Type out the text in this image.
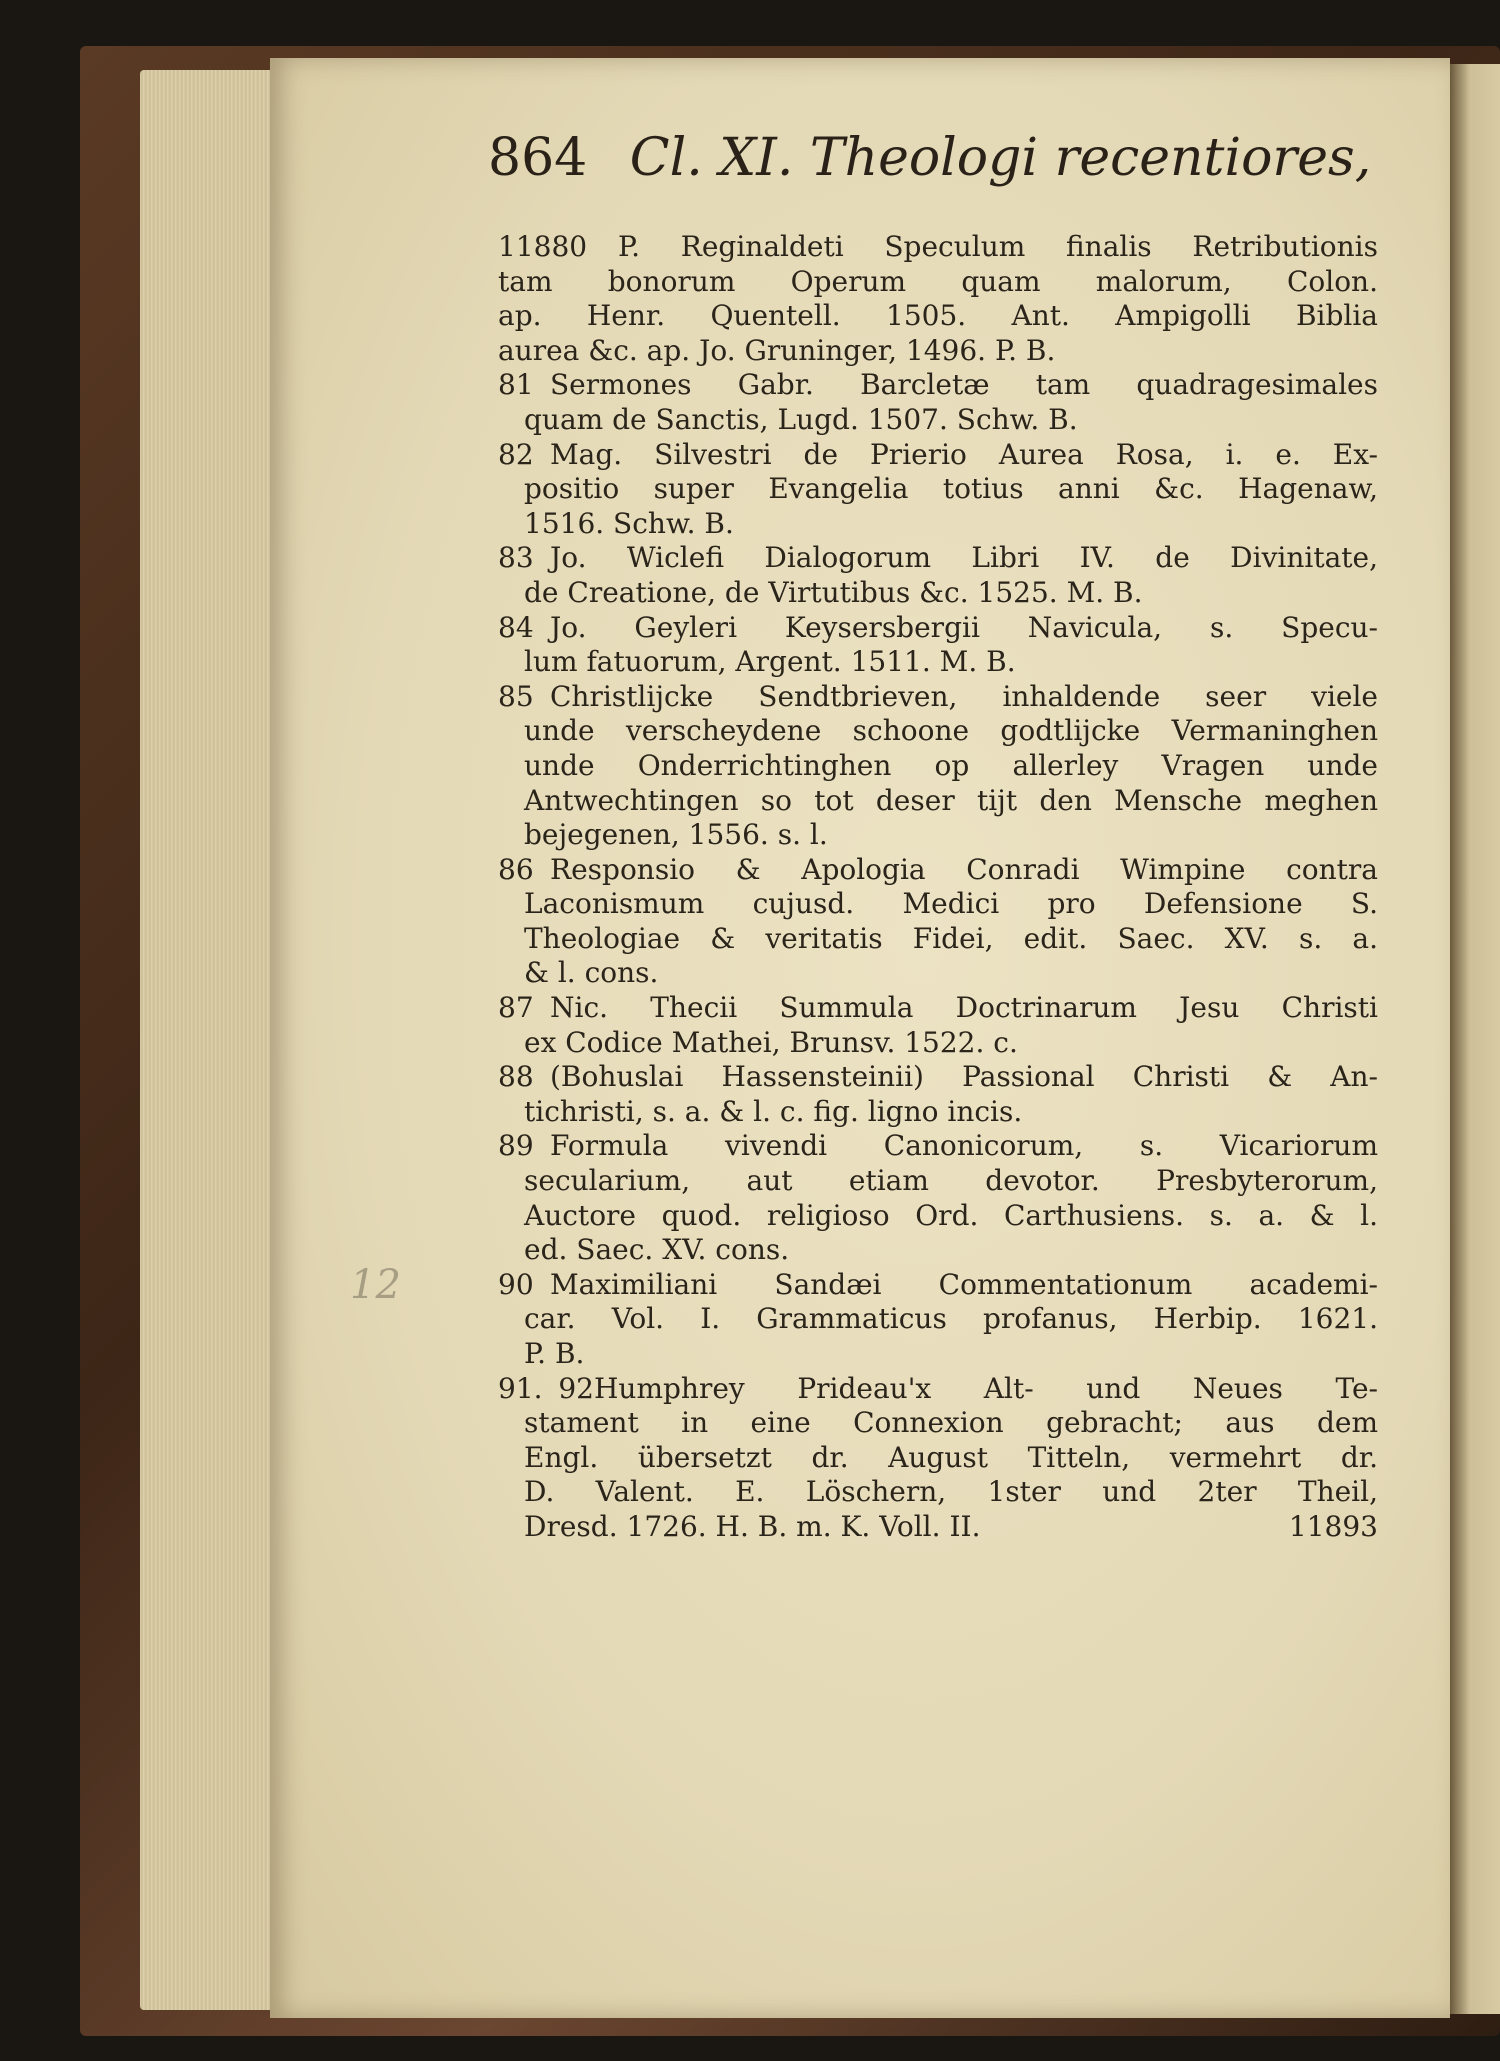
864 Cl. XI. Theologi recentiores,
12
11880 P. Reginaldeti Speculum finalis Retributionis
tam bonorum Operum quam malorum, Colon.
ap. Henr. Quentell. 1505. Ant. Ampigolli Biblia
aurea &c. ap. Jo. Gruninger, 1496. P. B.
81 Sermones Gabr. Barcletæ tam quadragesimales
quam de Sanctis, Lugd. 1507. Schw. B.
82 Mag. Silvestri de Prierio Aurea Rosa, i. e. Ex-
positio super Evangelia totius anni &c. Hagenaw,
1516. Schw. B.
83 Jo. Wiclefi Dialogorum Libri IV. de Divinitate,
de Creatione, de Virtutibus &c. 1525. M. B.
84 Jo. Geyleri Keysersbergii Navicula, s. Specu-
lum fatuorum, Argent. 1511. M. B.
85 Christlijcke Sendtbrieven, inhaldende seer viele
unde verscheydene schoone godtlijcke Vermaninghen
unde Onderrichtinghen op allerley Vragen unde
Antwechtingen so tot deser tijt den Mensche meghen
bejegenen, 1556. s. l.
86 Responsio & Apologia Conradi Wimpine contra
Laconismum cujusd. Medici pro Defensione S.
Theologiae & veritatis Fidei, edit. Saec. XV. s. a.
& l. cons.
87 Nic. Thecii Summula Doctrinarum Jesu Christi
ex Codice Mathei, Brunsv. 1522. c.
88 (Bohuslai Hassensteinii) Passional Christi & An-
tichristi, s. a. & l. c. fig. ligno incis.
89 Formula vivendi Canonicorum, s. Vicariorum
secularium, aut etiam devotor. Presbyterorum,
Auctore quod. religioso Ord. Carthusiens. s. a. & l.
ed. Saec. XV. cons.
90 Maximiliani Sandæi Commentationum academi-
car. Vol. I. Grammaticus profanus, Herbip. 1621.
P. B.
91. 92Humphrey Prideau'x Alt- und Neues Te-
stament in eine Connexion gebracht; aus dem
Engl. übersetzt dr. August Titteln, vermehrt dr.
D. Valent. E. Löschern, 1ster und 2ter Theil,
Dresd. 1726. H. B. m. K. Voll. II.	11893
